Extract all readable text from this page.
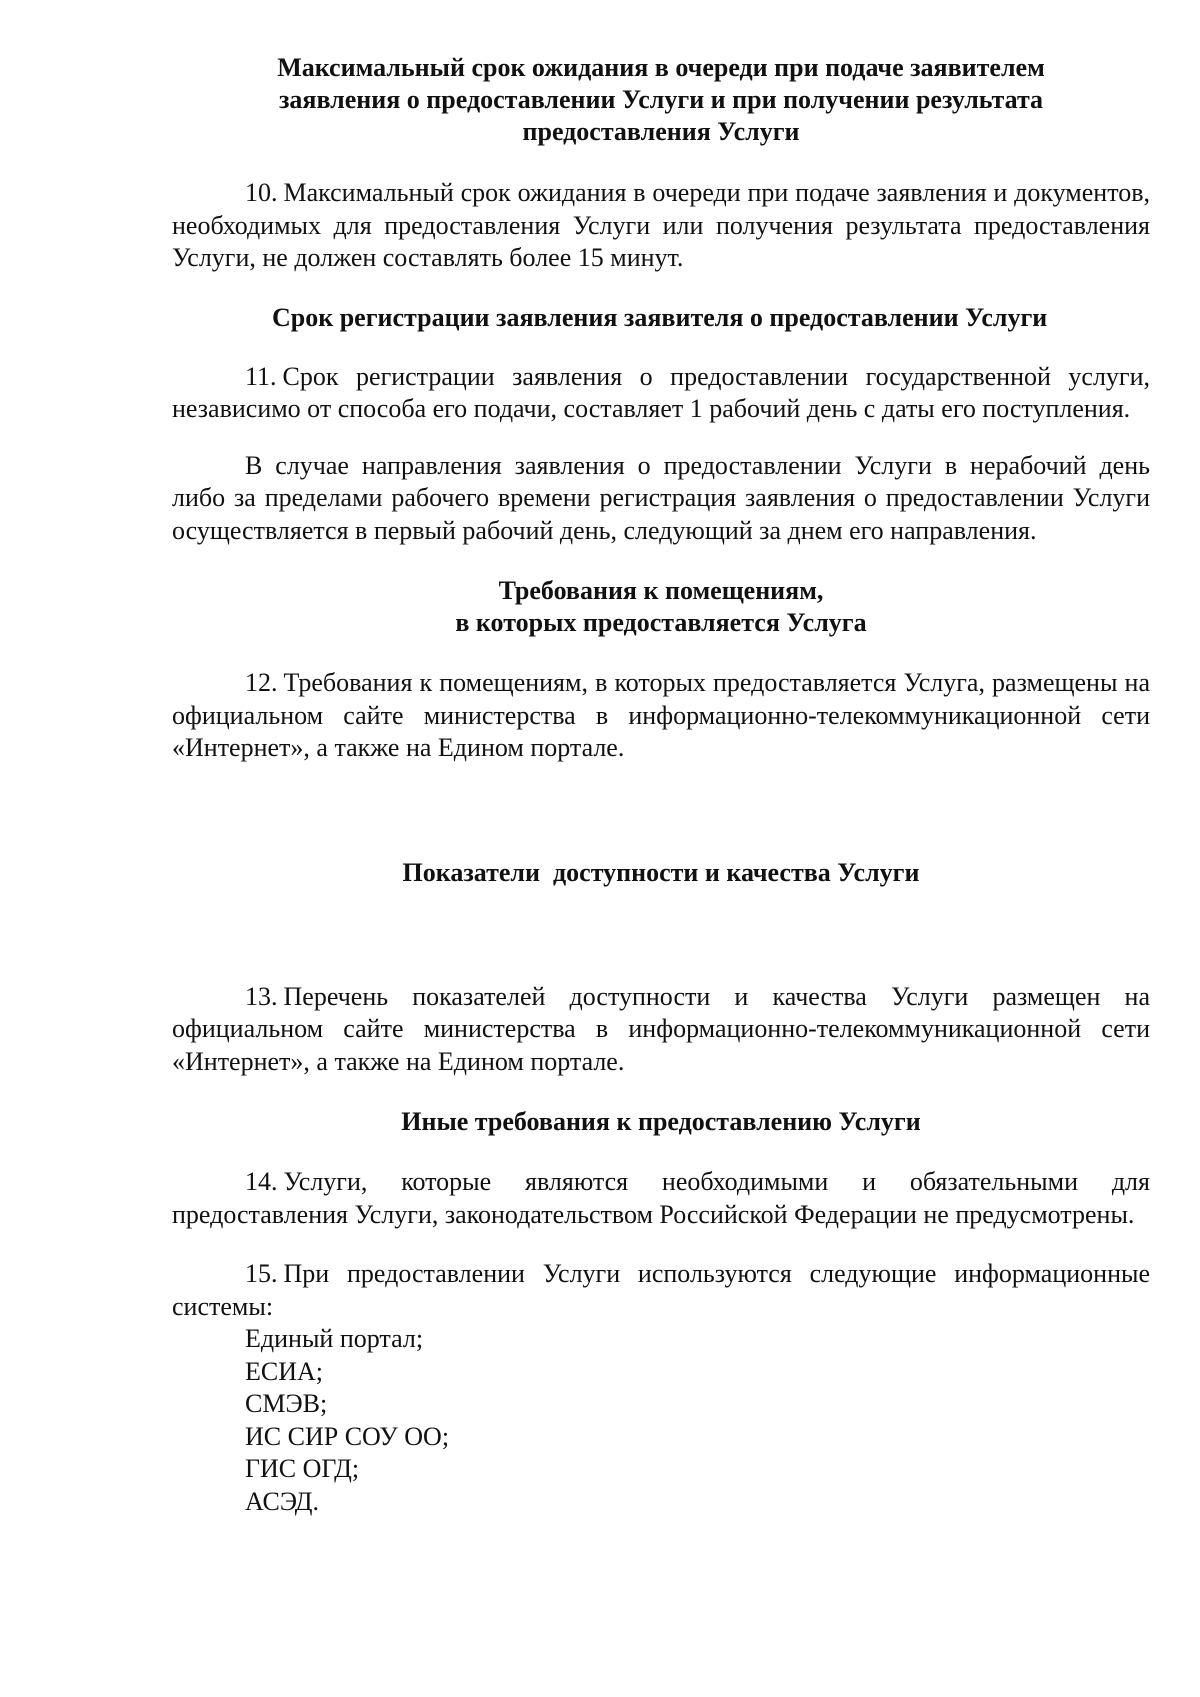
Максимальный срок ожидания в очереди при подаче заявителем
заявления о предоставлении Услуги и при получении результата
предоставления Услуги

10. Максимальный срок ожидания в очереди при подаче заявления и документов, необходимых для предоставления Услуги или получения результата предоставления Услуги, не должен составлять более 15 минут.

Срок регистрации заявления заявителя о предоставлении Услуги

11. Срок регистрации заявления о предоставлении государственной услуги, независимо от способа его подачи, составляет 1 рабочий день с даты его поступления.

В случае направления заявления о предоставлении Услуги в нерабочий день либо за пределами рабочего времени регистрация заявления о предоставлении Услуги осуществляется в первый рабочий день, следующий за днем его направления.

Требования к помещениям,
в которых предоставляется Услуга

12. Требования к помещениям, в которых предоставляется Услуга, размещены на официальном сайте министерства в информационно-телекоммуникационной сети «Интернет», а также на Едином портале.

Показатели  доступности и качества Услуги

13. Перечень показателей доступности и качества Услуги размещен на официальном сайте министерства в информационно-телекоммуникационной сети «Интернет», а также на Едином портале.

Иные требования к предоставлению Услуги

14. Услуги, которые являются необходимыми и обязательными для предоставления Услуги, законодательством Российской Федерации не предусмотрены.

15. При предоставлении Услуги используются следующие информационные системы:

Единый портал;
ЕСИА;
СМЭВ;
ИС СИР СОУ ОО;
ГИС ОГД;
АСЭД.
